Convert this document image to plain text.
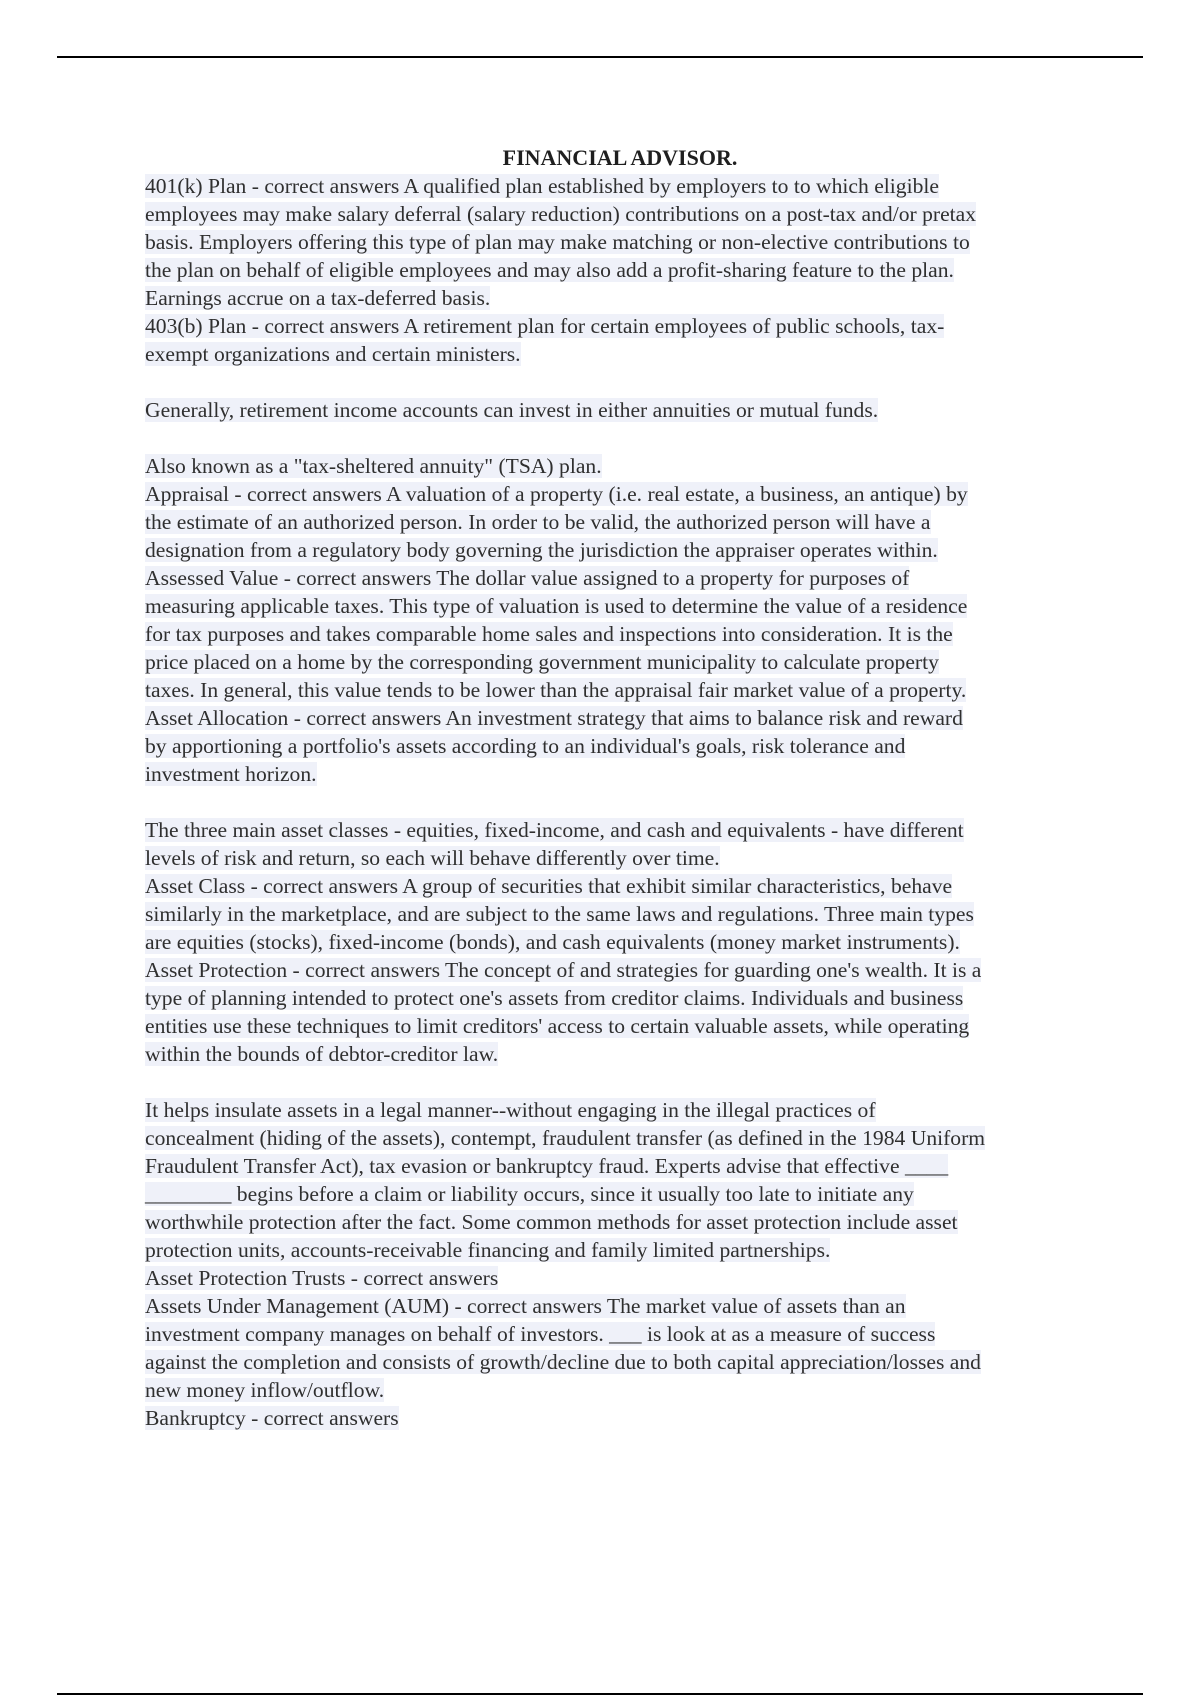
FINANCIAL ADVISOR.
401(k) Plan - correct answers A qualified plan established by employers to to which eligible
employees may make salary deferral (salary reduction) contributions on a post-tax and/or pretax
basis. Employers offering this type of plan may make matching or non-elective contributions to
the plan on behalf of eligible employees and may also add a profit-sharing feature to the plan.
Earnings accrue on a tax-deferred basis.
403(b) Plan - correct answers A retirement plan for certain employees of public schools, tax-
exempt organizations and certain ministers.
Generally, retirement income accounts can invest in either annuities or mutual funds.
Also known as a "tax-sheltered annuity" (TSA) plan.
Appraisal - correct answers A valuation of a property (i.e. real estate, a business, an antique) by
the estimate of an authorized person. In order to be valid, the authorized person will have a
designation from a regulatory body governing the jurisdiction the appraiser operates within.
Assessed Value - correct answers The dollar value assigned to a property for purposes of
measuring applicable taxes. This type of valuation is used to determine the value of a residence
for tax purposes and takes comparable home sales and inspections into consideration. It is the
price placed on a home by the corresponding government municipality to calculate property
taxes. In general, this value tends to be lower than the appraisal fair market value of a property.
Asset Allocation - correct answers An investment strategy that aims to balance risk and reward
by apportioning a portfolio's assets according to an individual's goals, risk tolerance and
investment horizon.
The three main asset classes - equities, fixed-income, and cash and equivalents - have different
levels of risk and return, so each will behave differently over time.
Asset Class - correct answers A group of securities that exhibit similar characteristics, behave
similarly in the marketplace, and are subject to the same laws and regulations. Three main types
are equities (stocks), fixed-income (bonds), and cash equivalents (money market instruments).
Asset Protection - correct answers The concept of and strategies for guarding one's wealth. It is a
type of planning intended to protect one's assets from creditor claims. Individuals and business
entities use these techniques to limit creditors' access to certain valuable assets, while operating
within the bounds of debtor-creditor law.
It helps insulate assets in a legal manner--without engaging in the illegal practices of
concealment (hiding of the assets), contempt, fraudulent transfer (as defined in the 1984 Uniform
Fraudulent Transfer Act), tax evasion or bankruptcy fraud. Experts advise that effective ____
________ begins before a claim or liability occurs, since it usually too late to initiate any
worthwhile protection after the fact. Some common methods for asset protection include asset
protection units, accounts-receivable financing and family limited partnerships.
Asset Protection Trusts - correct answers
Assets Under Management (AUM) - correct answers The market value of assets than an
investment company manages on behalf of investors. ___ is look at as a measure of success
against the completion and consists of growth/decline due to both capital appreciation/losses and
new money inflow/outflow.
Bankruptcy - correct answers
